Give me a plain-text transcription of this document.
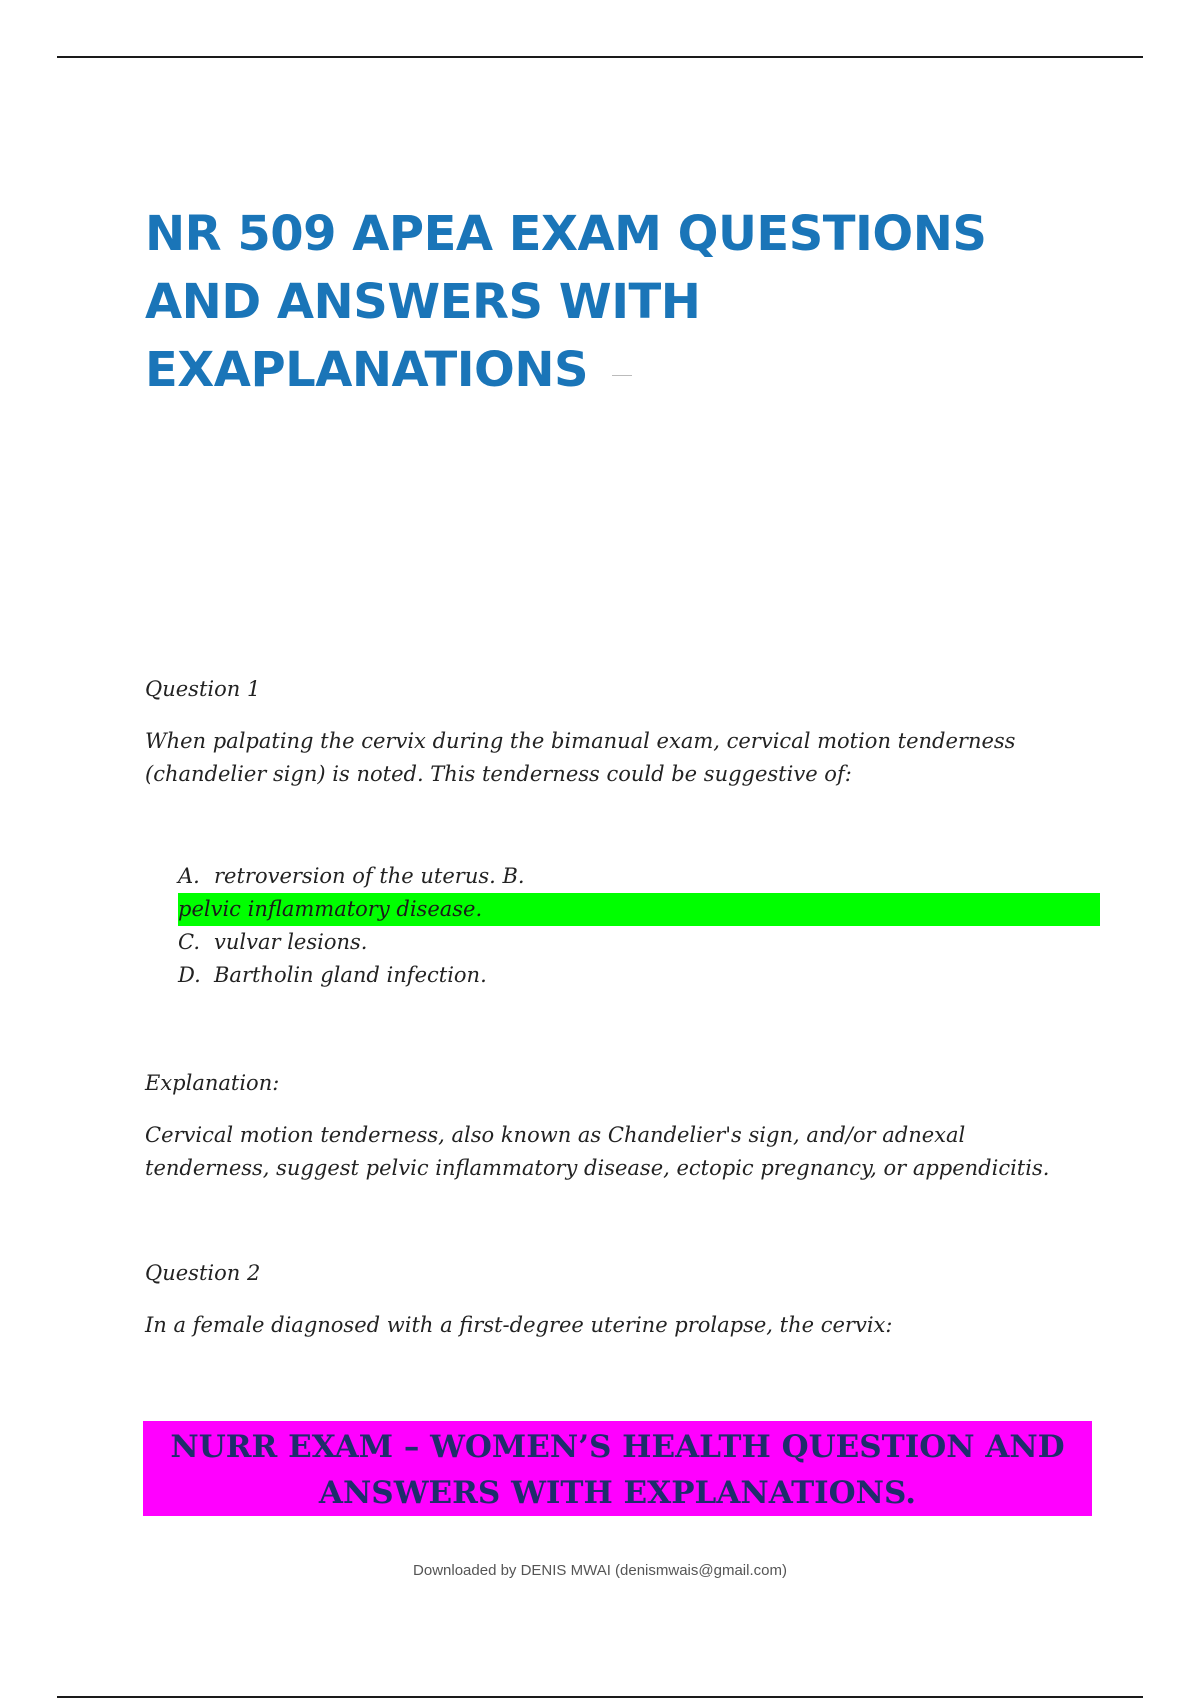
NR 509 APEA EXAM QUESTIONS AND ANSWERS WITH EXAPLANATIONS

Question 1

When palpating the cervix during the bimanual exam, cervical motion tenderness (chandelier sign) is noted. This tenderness could be suggestive of:

A. retroversion of the uterus. B.
pelvic inflammatory disease.
C. vulvar lesions.
D. Bartholin gland infection.

Explanation:

Cervical motion tenderness, also known as Chandelier's sign, and/or adnexal tenderness, suggest pelvic inflammatory disease, ectopic pregnancy, or appendicitis.

Question 2

In a female diagnosed with a first-degree uterine prolapse, the cervix:

NURR EXAM – WOMEN’S HEALTH QUESTION AND
ANSWERS WITH EXPLANATIONS.
Downloaded by DENIS MWAI (denismwais@gmail.com)
